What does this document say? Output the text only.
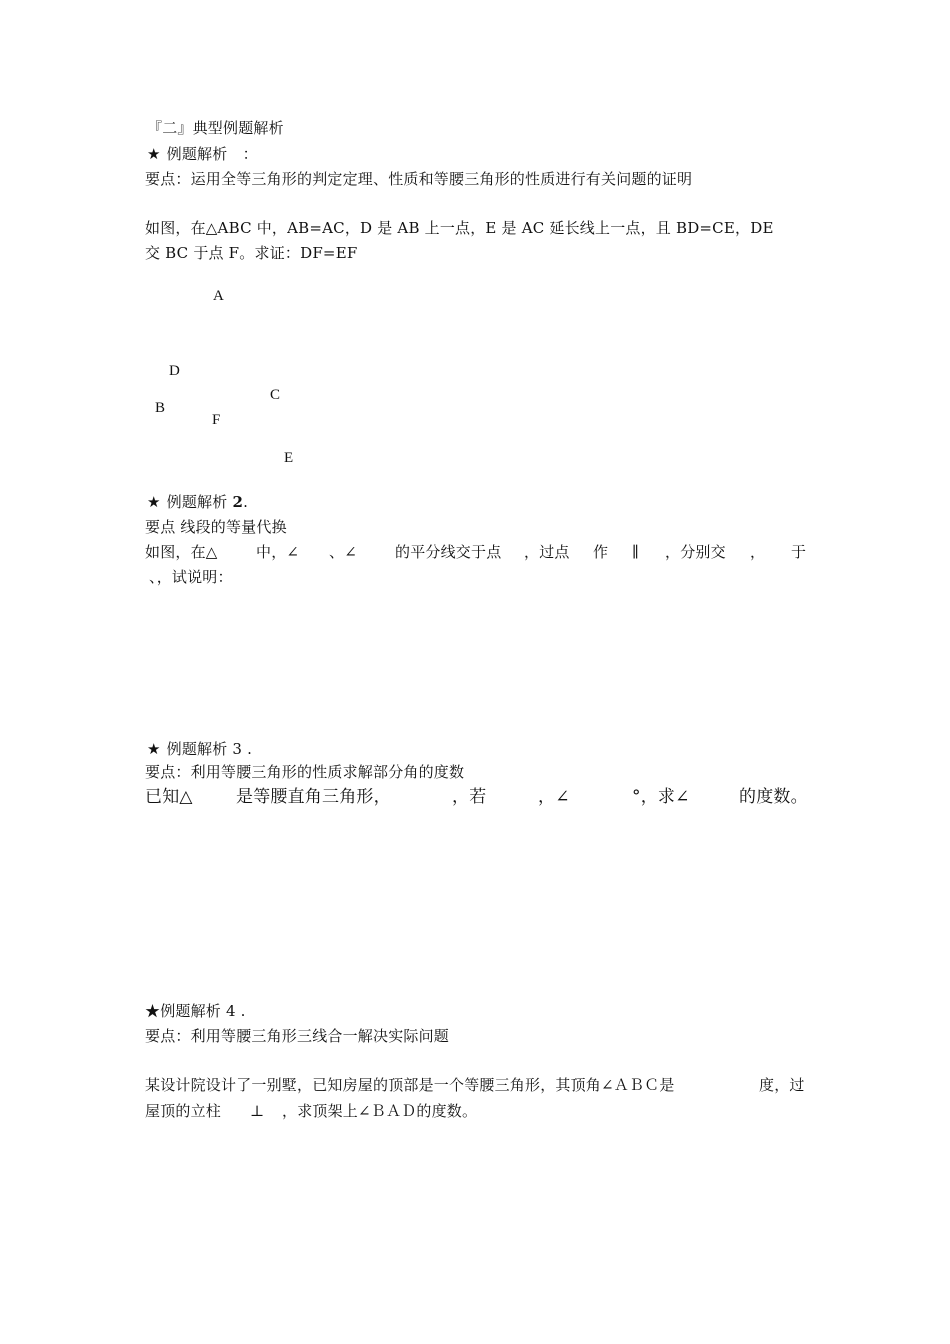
『二』典型例题解析
★ 例题解析　：
要点：运用全等三角形的判定定理、性质和等腰三角形的性质进行有关问题的证明
如图，在△ABC 中，AB=AC，D 是 AB 上一点，E 是 AC 延长线上一点，且 BD=CE，DE
交 BC 于点 F。求证：DF=EF
A
D
C
B
F
E
★ 例题解析 2.
要点 线段的等量代换
如图，在△	中，∠ 、∠	的平分线交于点 ，过点 作 ∥ ，分别交 ， 于
、，试说明：
★ 例题解析 3 .
要点：利用等腰三角形的性质求解部分角的度数
已知△	是等腰直角三角形，	，若	，∠	°，求∠	的度数。
★例题解析 4 .
要点：利用等腰三角形三线合一解决实际问题
某设计院设计了一别墅，已知房屋的顶部是一个等腰三角形，其顶角∠ＡＢＣ是	度，过
屋顶的立柱 ⊥ ，求顶架上∠ＢＡＤ的度数。
